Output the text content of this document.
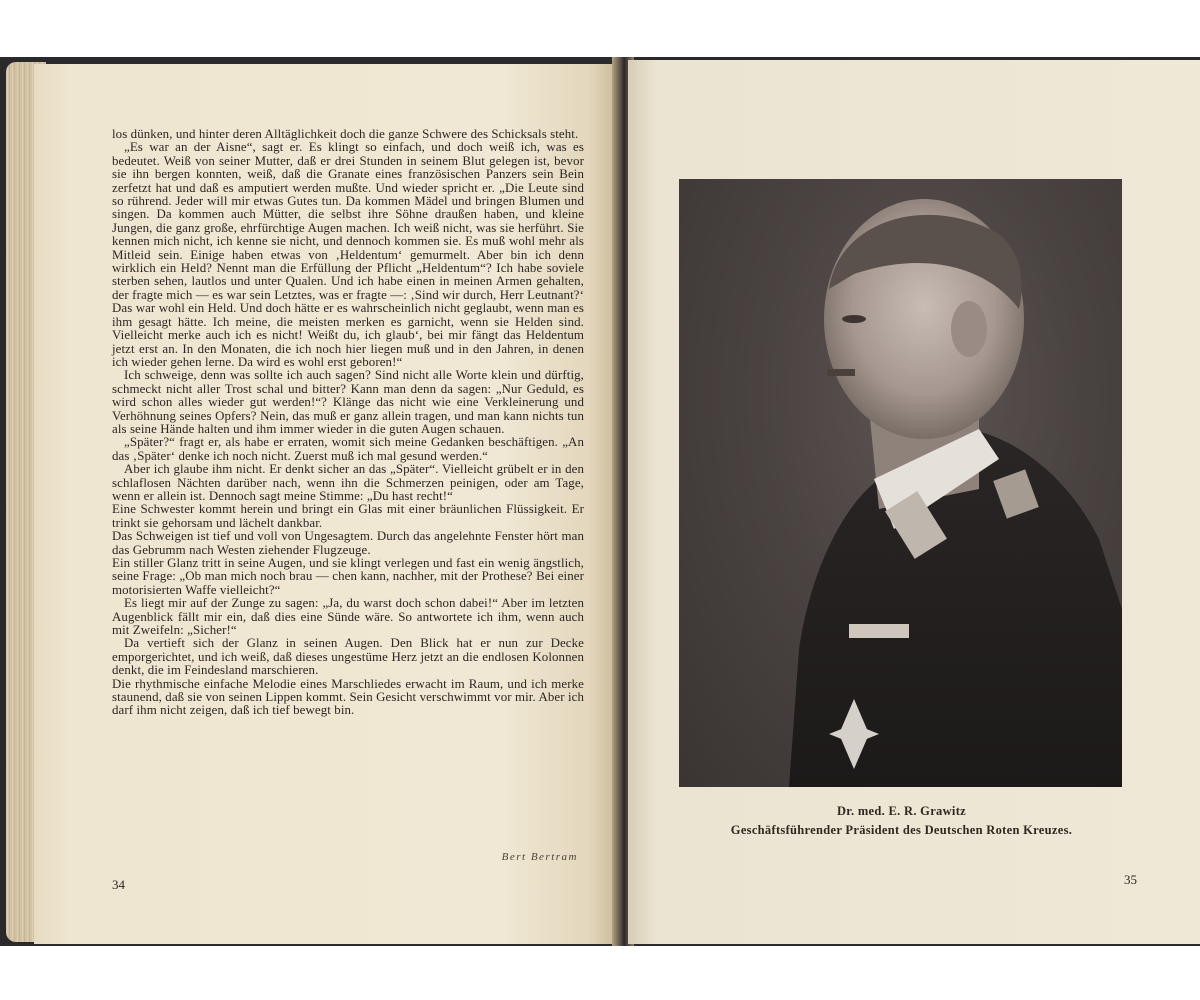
los dünken, und hinter deren Alltäglichkeit doch die ganze Schwere des Schicksals steht.

„Es war an der Aisne“, sagt er. Es klingt so einfach, und doch weiß ich, was es bedeutet. Weiß von seiner Mutter, daß er drei Stunden in seinem Blut gelegen ist, bevor sie ihn bergen konnten, weiß, daß die Granate eines französischen Panzers sein Bein zerfetzt hat und daß es amputiert werden mußte. Und wieder spricht er. „Die Leute sind so rührend. Jeder will mir etwas Gutes tun. Da kommen Mädel und bringen Blumen und singen. Da kommen auch Mütter, die selbst ihre Söhne draußen haben, und kleine Jungen, die ganz große, ehrfürchtige Augen machen. Ich weiß nicht, was sie herführt. Sie kennen mich nicht, ich kenne sie nicht, und dennoch kommen sie. Es muß wohl mehr als Mitleid sein. Einige haben etwas von ‚Heldentum‘ gemurmelt. Aber bin ich denn wirklich ein Held? Nennt man die Erfüllung der Pflicht „Heldentum“? Ich habe soviele sterben sehen, lautlos und unter Qualen. Und ich habe einen in meinen Armen gehalten, der fragte mich — es war sein Letztes, was er fragte —: ‚Sind wir durch, Herr Leutnant?‘ Das war wohl ein Held. Und doch hätte er es wahrscheinlich nicht geglaubt, wenn man es ihm gesagt hätte. Ich meine, die meisten merken es garnicht, wenn sie Helden sind. Vielleicht merke auch ich es nicht! Weißt du, ich glaub‘, bei mir fängt das Heldentum jetzt erst an. In den Monaten, die ich noch hier liegen muß und in den Jahren, in denen ich wieder gehen lerne. Da wird es wohl erst geboren!“

Ich schweige, denn was sollte ich auch sagen? Sind nicht alle Worte klein und dürftig, schmeckt nicht aller Trost schal und bitter? Kann man denn da sagen: „Nur Geduld, es wird schon alles wieder gut werden!“? Klänge das nicht wie eine Verkleinerung und Verhöhnung seines Opfers? Nein, das muß er ganz allein tragen, und man kann nichts tun als seine Hände halten und ihm immer wieder in die guten Augen schauen.

„Später?“ fragt er, als habe er erraten, womit sich meine Gedanken beschäftigen. „An das ‚Später‘ denke ich noch nicht. Zuerst muß ich mal gesund werden.“

Aber ich glaube ihm nicht. Er denkt sicher an das „Später“. Vielleicht grübelt er in den schlaflosen Nächten darüber nach, wenn ihn die Schmerzen peinigen, oder am Tage, wenn er allein ist. Dennoch sagt meine Stimme: „Du hast recht!“

Eine Schwester kommt herein und bringt ein Glas mit einer bräunlichen Flüssigkeit. Er trinkt sie gehorsam und lächelt dankbar.

Das Schweigen ist tief und voll von Ungesagtem. Durch das angelehnte Fenster hört man das Gebrumm nach Westen ziehender Flugzeuge.

Ein stiller Glanz tritt in seine Augen, und sie klingt verlegen und fast ein wenig ängstlich, seine Frage: „Ob man mich noch brau — chen kann, nachher, mit der Prothese? Bei einer motorisierten Waffe vielleicht?“

Es liegt mir auf der Zunge zu sagen: „Ja, du warst doch schon dabei!“ Aber im letzten Augenblick fällt mir ein, daß dies eine Sünde wäre. So antwortete ich ihm, wenn auch mit Zweifeln: „Sicher!“

Da vertieft sich der Glanz in seinen Augen. Den Blick hat er nun zur Decke emporgerichtet, und ich weiß, daß dieses ungestüme Herz jetzt an die endlosen Kolonnen denkt, die im Feindesland marschieren.

Die rhythmische einfache Melodie eines Marschliedes erwacht im Raum, und ich merke staunend, daß sie von seinen Lippen kommt. Sein Gesicht verschwimmt vor mir. Aber ich darf ihm nicht zeigen, daß ich tief bewegt bin.

Bert Bertram
34
Dr. med. E. R. Grawitz
Geschäftsführender Präsident des Deutschen Roten Kreuzes.
35
